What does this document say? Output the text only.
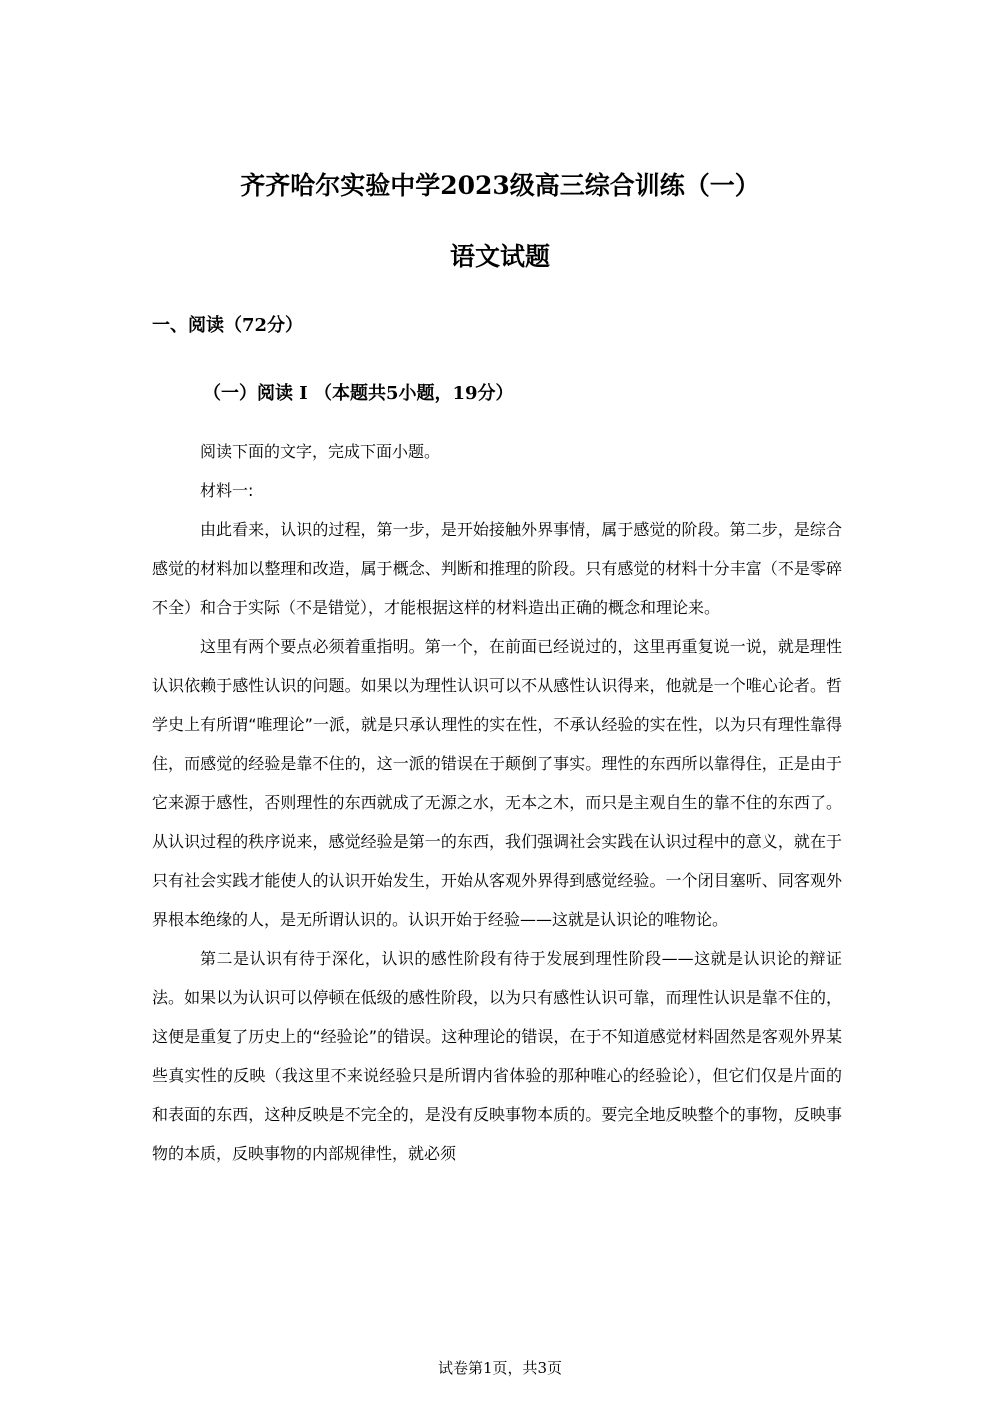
齐齐哈尔实验中学2023级高三综合训练（一）
语文试题
一、阅读（72分）
（一）阅读 I （本题共5小题，19分）

阅读下面的文字，完成下面小题。

材料一:

由此看来，认识的过程，第一步，是开始接触外界事情，属于感觉的阶段。第二步，是综合感觉的材料加以整理和改造，属于概念、判断和推理的阶段。只有感觉的材料十分丰富（不是零碎不全）和合于实际（不是错觉），才能根据这样的材料造出正确的概念和理论来。

这里有两个要点必须着重指明。第一个，在前面已经说过的，这里再重复说一说，就是理性认识依赖于感性认识的问题。如果以为理性认识可以不从感性认识得来，他就是一个唯心论者。哲学史上有所谓“唯理论”一派，就是只承认理性的实在性，不承认经验的实在性，以为只有理性靠得住，而感觉的经验是靠不住的，这一派的错误在于颠倒了事实。理性的东西所以靠得住，正是由于它来源于感性，否则理性的东西就成了无源之水，无本之木，而只是主观自生的靠不住的东西了。从认识过程的秩序说来，感觉经验是第一的东西，我们强调社会实践在认识过程中的意义，就在于只有社会实践才能使人的认识开始发生，开始从客观外界得到感觉经验。一个闭目塞听、同客观外界根本绝缘的人，是无所谓认识的。认识开始于经验——这就是认识论的唯物论。

第二是认识有待于深化，认识的感性阶段有待于发展到理性阶段——这就是认识论的辩证法。如果以为认识可以停顿在低级的感性阶段，以为只有感性认识可靠，而理性认识是靠不住的，这便是重复了历史上的“经验论”的错误。这种理论的错误，在于不知道感觉材料固然是客观外界某些真实性的反映（我这里不来说经验只是所谓内省体验的那种唯心的经验论），但它们仅是片面的和表面的东西，这种反映是不完全的，是没有反映事物本质的。要完全地反映整个的事物，反映事物的本质，反映事物的内部规律性，就必须

试卷第1页，共3页
